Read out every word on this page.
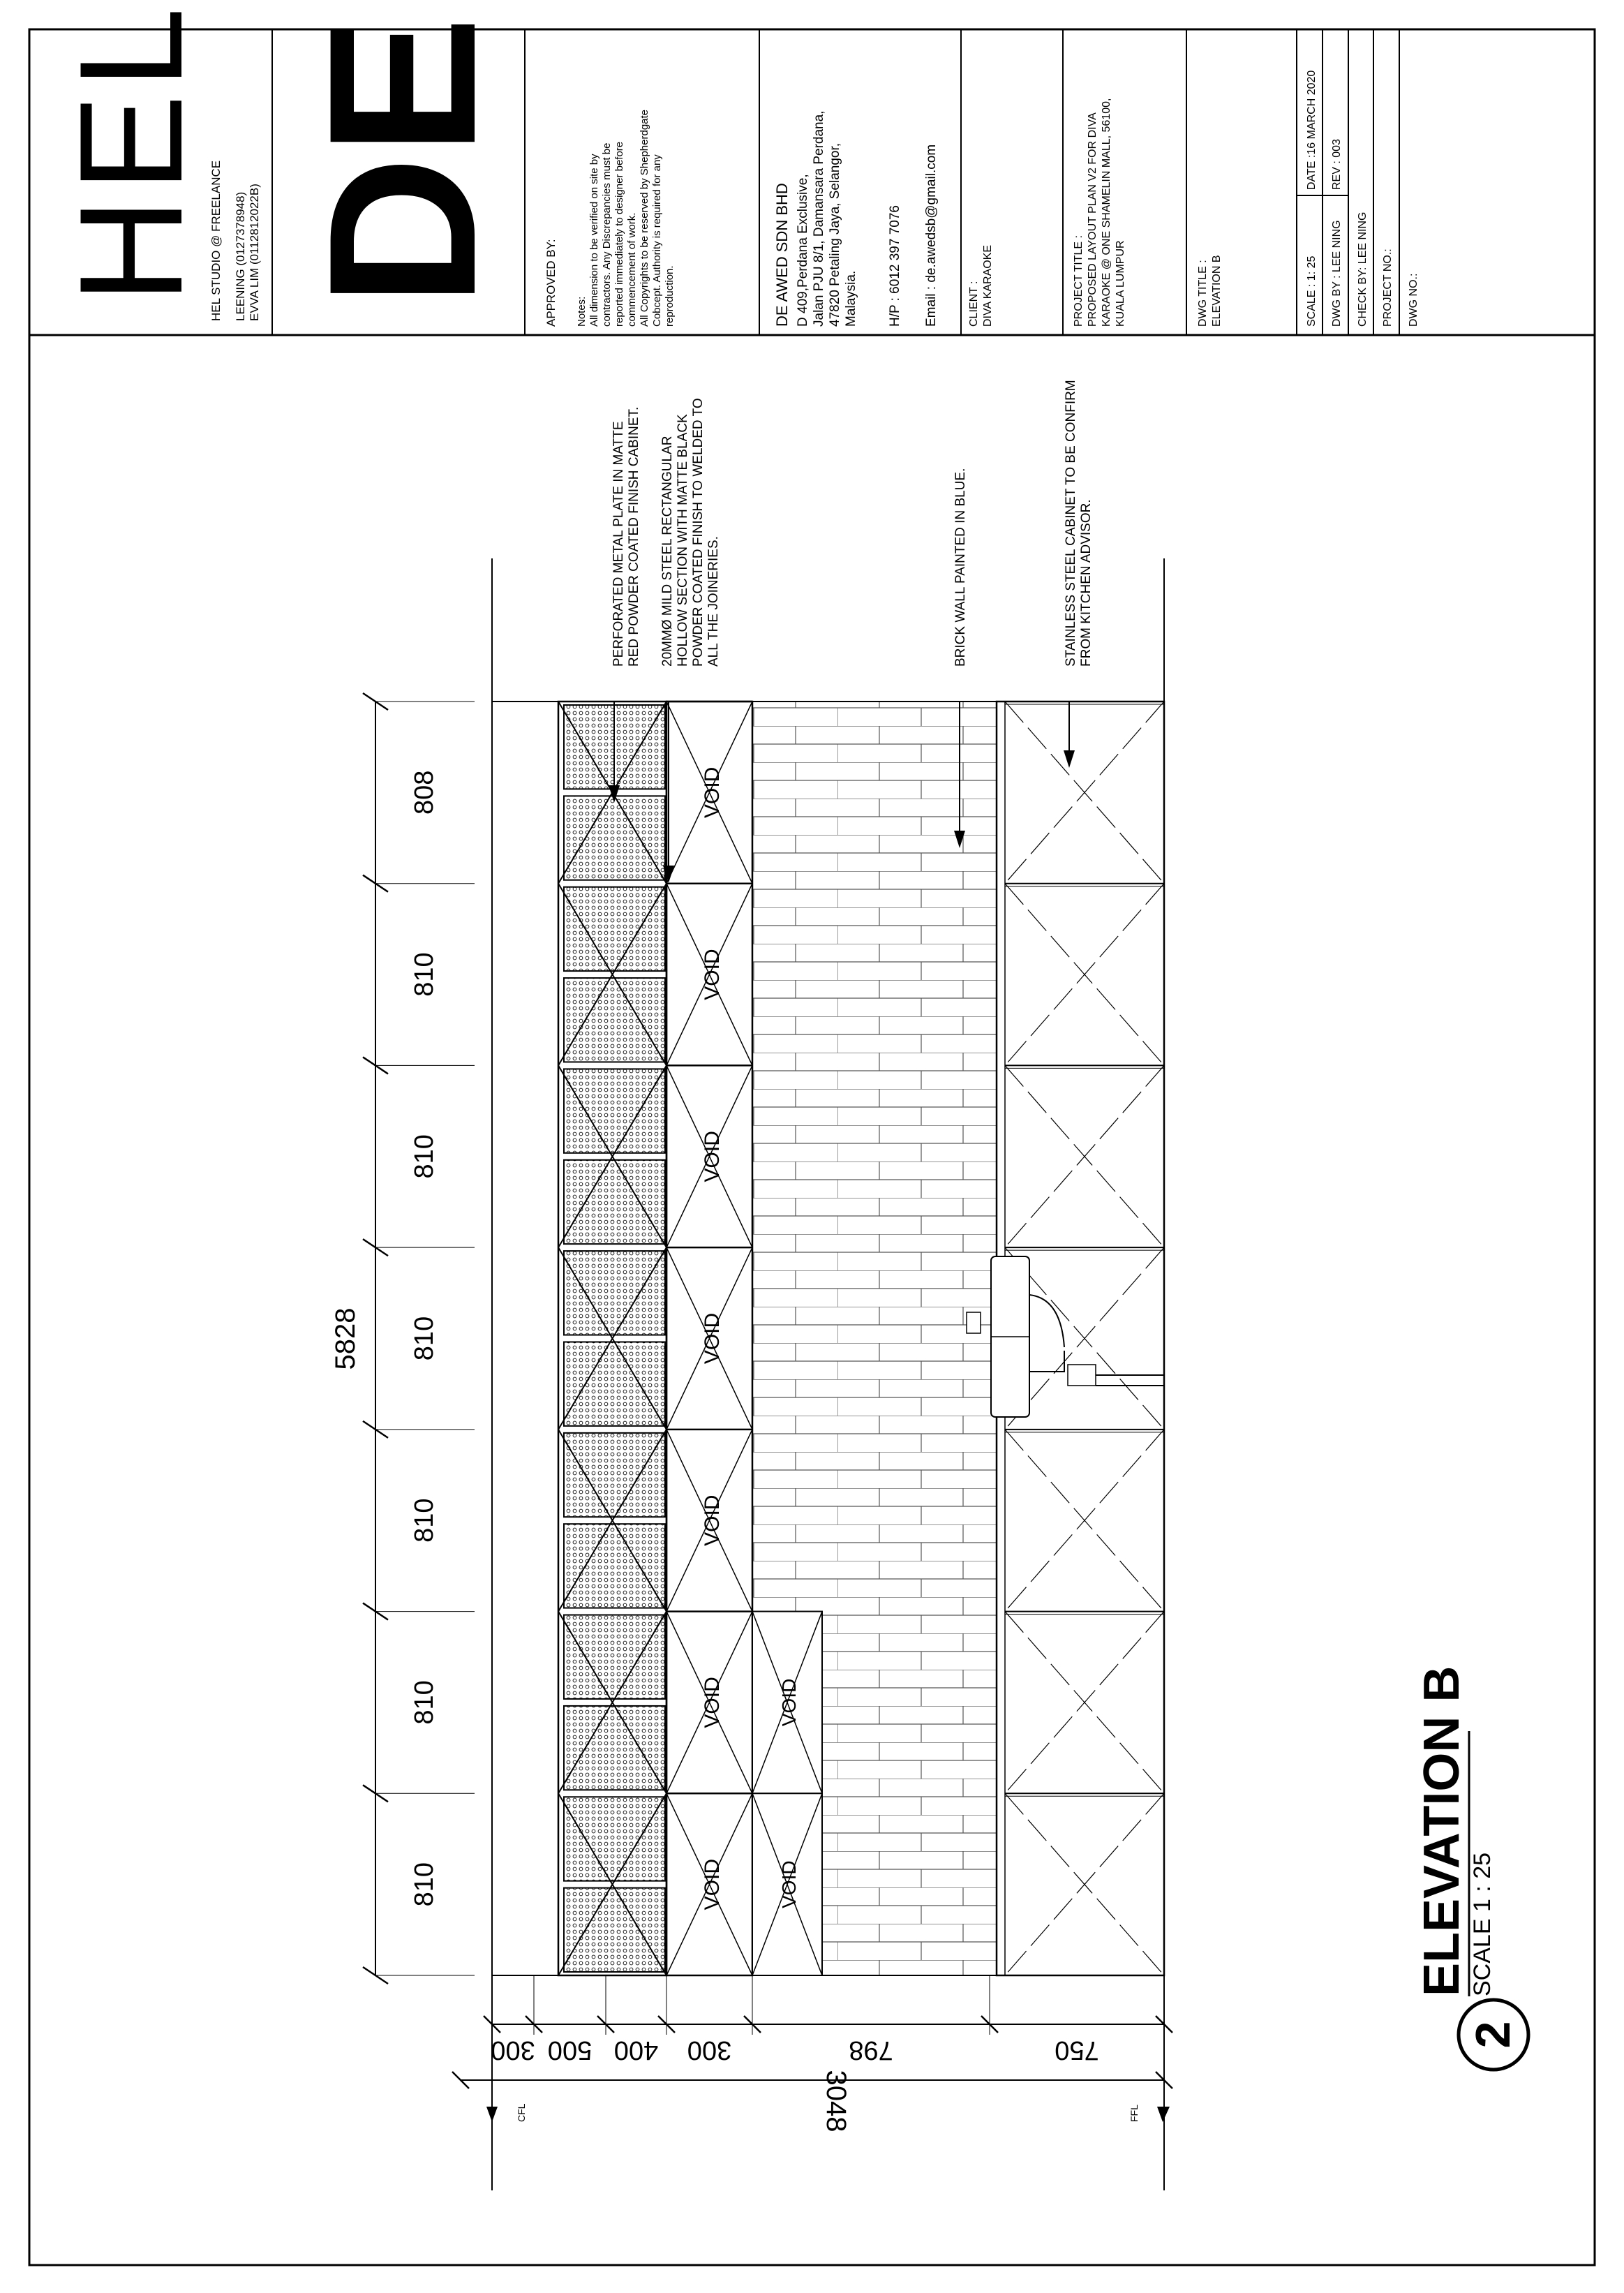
HEL
HEL STUDIO @ FREELANCE LEENING (0127378948) EVVA LIM (0112812022B) DE APPROVED BY: Notes: All dimension to be verified on site by contractors. Any Discrepancies must be reported immediately to designer before commencement of work. All Copyrights to be reserved by Shepherdgate Cobcept. Authority is required for any reproduction.	DE AWED SDN BHD D 409,Perdana Exclusive, Jalan PJU 8/1, Damansara Perdana, 47820 Petaling Jaya, Selangor, Malaysia. H/P : 6012 397 7076 Email : de.awedsb@gmail.com	CLIENT : DIVA KARAOKE	PROJECT TITLE : PROPOSED LAYOUT PLAN V2 FOR DIVA KARAOKE @ ONE SHAMELIN MALL, 56100, KUALA LUMPUR	DWG TITLE : ELEVATION B	SCALE : 1: 25
DATE :16 MARCH 2020
DWG BY : LEE NING
REV : 003
CHECK BY: LEE NING PROJECT NO.: DWG NO.:
VOID
VOID
VOID
VOID
VOID
VOID
VOID
VOID
VOID
PERFORATED METAL PLATE IN MATTE RED POWDER COATED FINISH CABINET. 20MMØ MILD STEEL RECTANGULAR HOLLOW SECTION WITH MATTE BLACK POWDER COATED FINISH TO WELDED TO ALL THE JOINERIES.	BRICK WALL PAINTED IN BLUE.	STAINLESS STEEL CABINET TO BE CONFIRM FROM KITCHEN ADVISOR.
808
810
810
810
810
810
810
5828
300 500 400 300	798	750
3048
CFL	FFL
2
ELEVATION B SCALE 1 : 25
